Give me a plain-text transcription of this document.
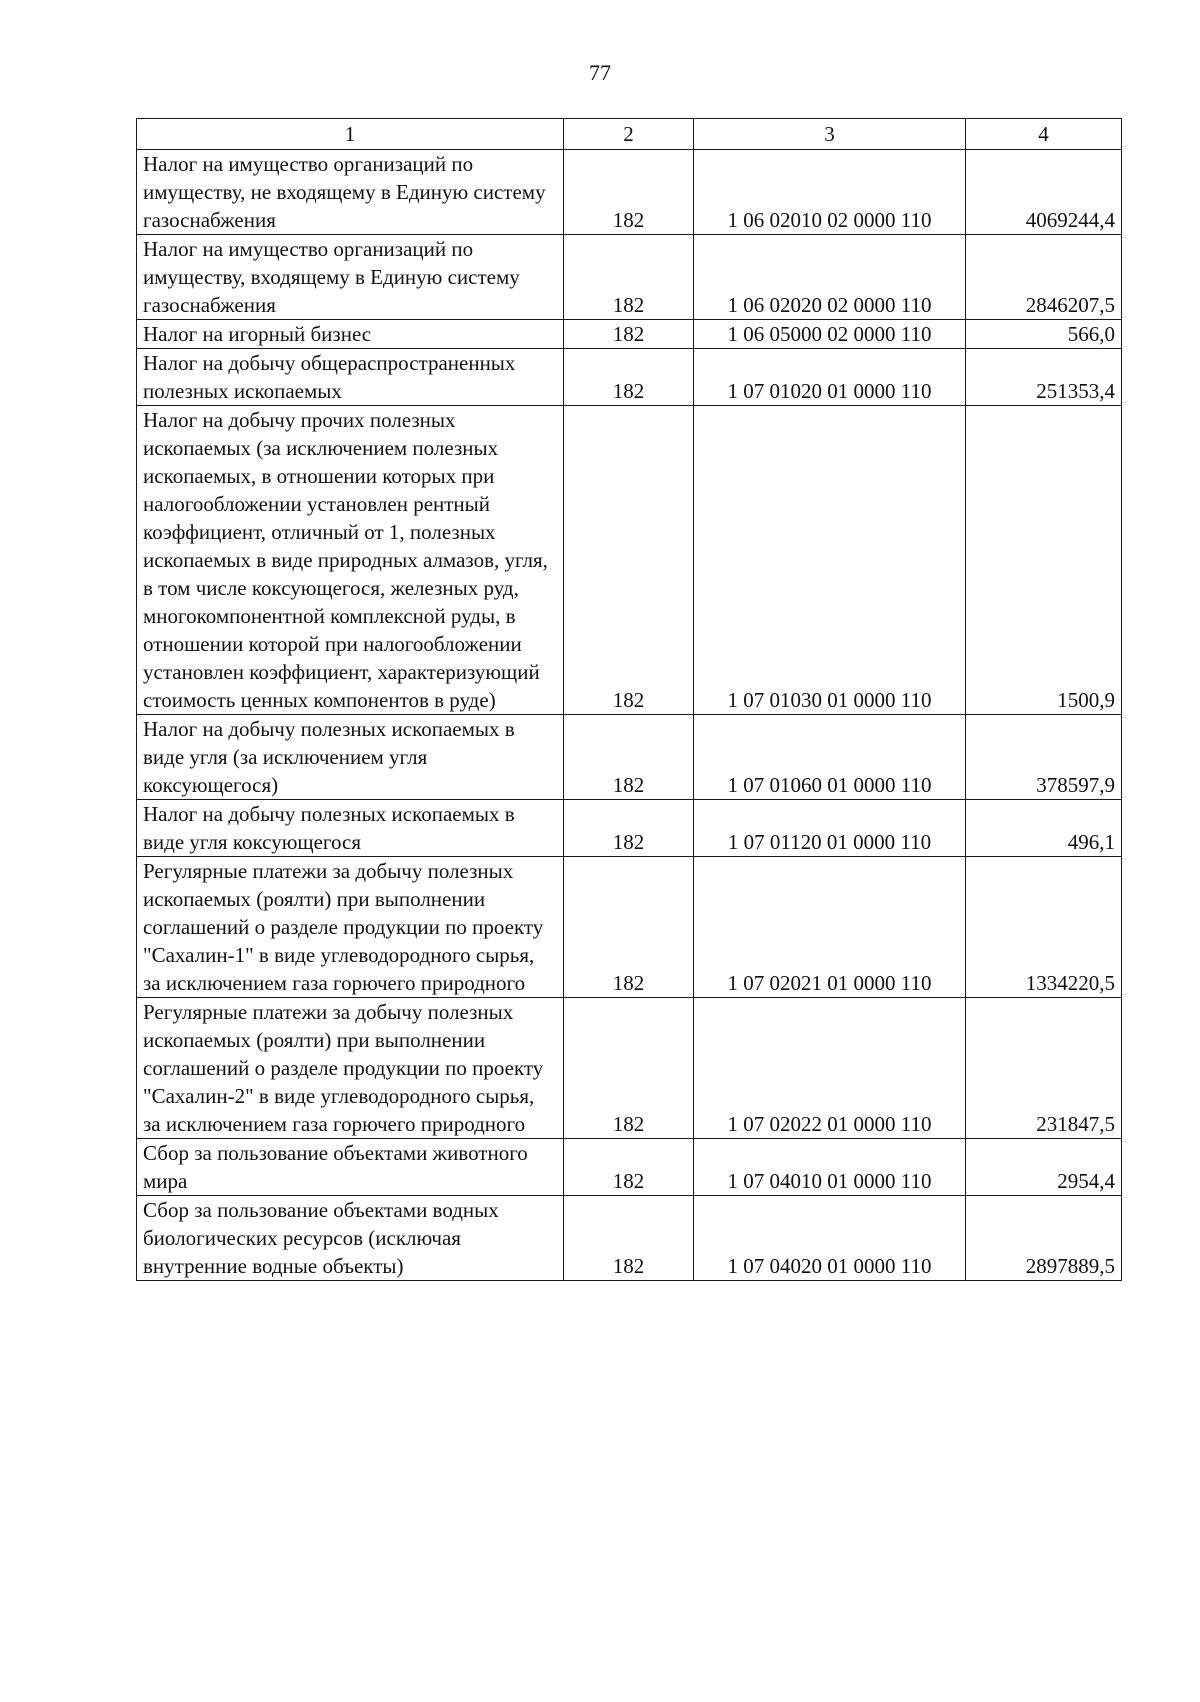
77
1	2	3	4
Налог на имущество организаций по имуществу, не входящему в Единую систему газоснабжения	182	1 06 02010 02 0000 110	4069244,4
Налог на имущество организаций по имуществу, входящему в Единую систему газоснабжения	182	1 06 02020 02 0000 110	2846207,5
Налог на игорный бизнес	182	1 06 05000 02 0000 110	566,0
Налог на добычу общераспространенных полезных ископаемых	182	1 07 01020 01 0000 110	251353,4
Налог на добычу прочих полезных ископаемых (за исключением полезных ископаемых, в отношении которых при налогообложении установлен рентный коэффициент, отличный от 1, полезных ископаемых в виде природных алмазов, угля, в том числе коксующегося, железных руд, многокомпонентной комплексной руды, в отношении которой при налогообложении установлен коэффициент, характеризующий стоимость ценных компонентов в руде)	182	1 07 01030 01 0000 110	1500,9
Налог на добычу полезных ископаемых в виде угля (за исключением угля коксующегося)	182	1 07 01060 01 0000 110	378597,9
Налог на добычу полезных ископаемых в виде угля коксующегося	182	1 07 01120 01 0000 110	496,1
Регулярные платежи за добычу полезных ископаемых (роялти) при выполнении соглашений о разделе продукции по проекту "Сахалин-1" в виде углеводородного сырья, за исключением газа горючего природного	182	1 07 02021 01 0000 110	1334220,5
Регулярные платежи за добычу полезных ископаемых (роялти) при выполнении соглашений о разделе продукции по проекту "Сахалин-2" в виде углеводородного сырья, за исключением газа горючего природного	182	1 07 02022 01 0000 110	231847,5
Сбор за пользование объектами животного мира	182	1 07 04010 01 0000 110	2954,4
Сбор за пользование объектами водных биологических ресурсов (исключая внутренние водные объекты)	182	1 07 04020 01 0000 110	2897889,5
